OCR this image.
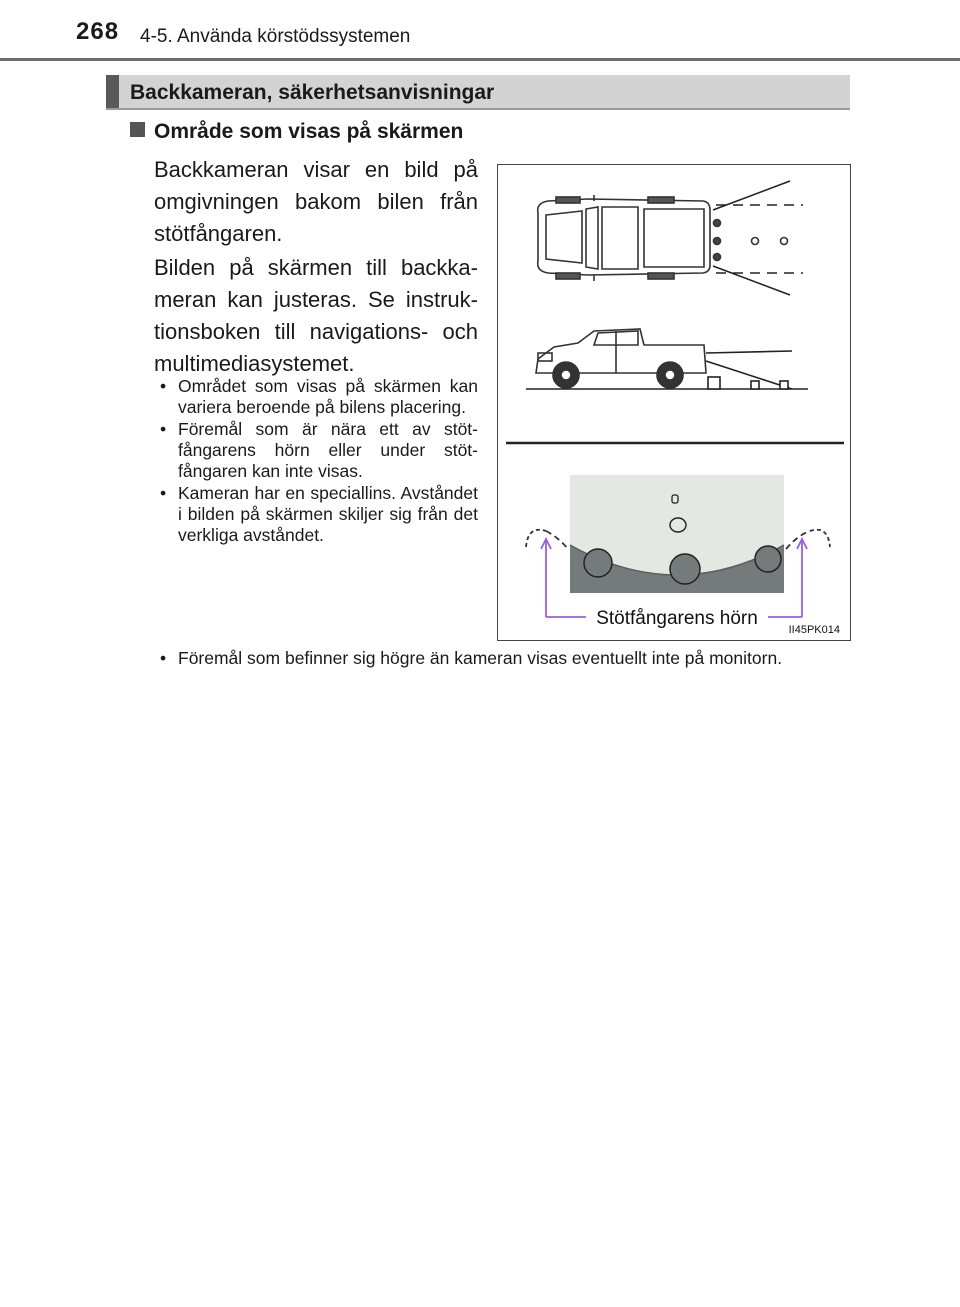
268 4-5. Använda körstödssystemen
Backkameran, säkerhetsanvisningar
Område som visas på skärmen
Backkameran visar en bild på omgivningen bakom bilen från stötfångaren.
Bilden på skärmen till backka-meran kan justeras. Se instruk-tionsboken till navigations- och multimediasystemet.
• Området som visas på skärmen kan variera beroende på bilens placering.
• Föremål som är nära ett av stöt-fångarens hörn eller under stöt-fångaren kan inte visas.
• Kameran har en speciallins. Avståndet i bilden på skärmen skiljer sig från det verkliga avståndet.
• Föremål som befinner sig högre än kameran visas eventuellt inte på monitorn.
Stötfångarens hörn
II45PK014
